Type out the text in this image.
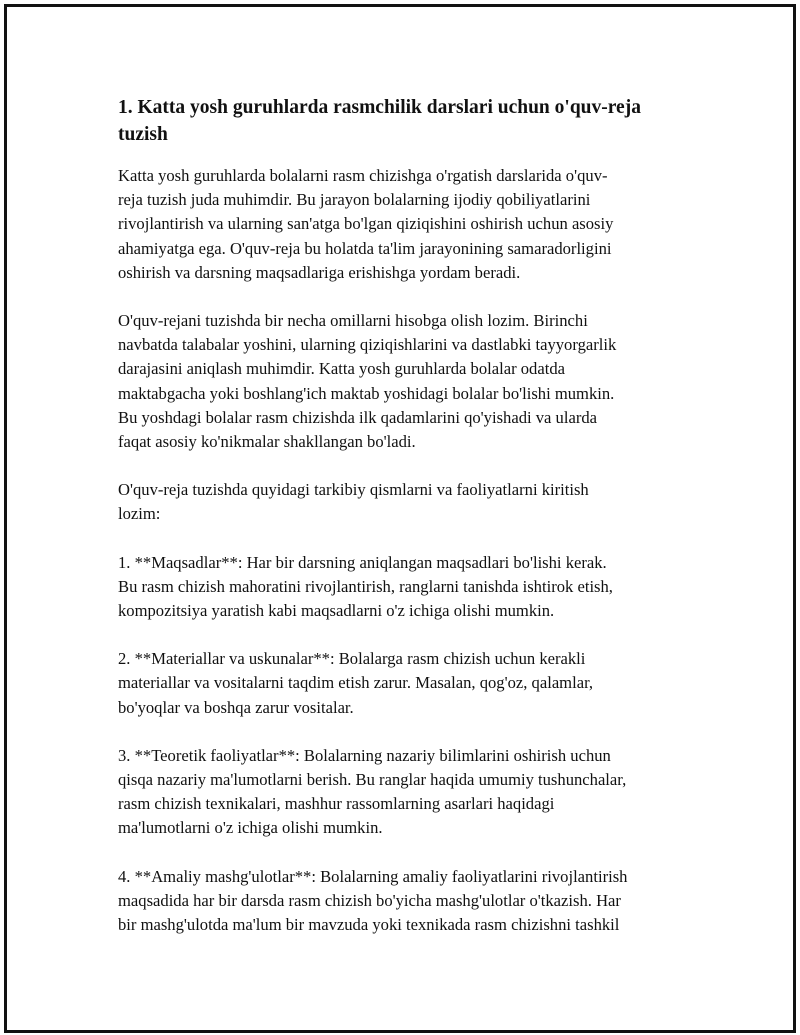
1. Katta yosh guruhlarda rasmchilik darslari uchun o'quv-reja tuzish

Katta yosh guruhlarda bolalarni rasm chizishga o'rgatish darslarida o'quv-
reja tuzish juda muhimdir. Bu jarayon bolalarning ijodiy qobiliyatlarini
rivojlantirish va ularning san'atga bo'lgan qiziqishini oshirish uchun asosiy
ahamiyatga ega. O'quv-reja bu holatda ta'lim jarayonining samaradorligini
oshirish va darsning maqsadlariga erishishga yordam beradi.

O'quv-rejani tuzishda bir necha omillarni hisobga olish lozim. Birinchi
navbatda talabalar yoshini, ularning qiziqishlarini va dastlabki tayyorgarlik
darajasini aniqlash muhimdir. Katta yosh guruhlarda bolalar odatda
maktabgacha yoki boshlang'ich maktab yoshidagi bolalar bo'lishi mumkin.
Bu yoshdagi bolalar rasm chizishda ilk qadamlarini qo'yishadi va ularda
faqat asosiy ko'nikmalar shakllangan bo'ladi.

O'quv-reja tuzishda quyidagi tarkibiy qismlarni va faoliyatlarni kiritish
lozim:

1. **Maqsadlar**: Har bir darsning aniqlangan maqsadlari bo'lishi kerak.
Bu rasm chizish mahoratini rivojlantirish, ranglarni tanishda ishtirok etish,
kompozitsiya yaratish kabi maqsadlarni o'z ichiga olishi mumkin.

2. **Materiallar va uskunalar**: Bolalarga rasm chizish uchun kerakli
materiallar va vositalarni taqdim etish zarur. Masalan, qog'oz, qalamlar,
bo'yoqlar va boshqa zarur vositalar.

3. **Teoretik faoliyatlar**: Bolalarning nazariy bilimlarini oshirish uchun
qisqa nazariy ma'lumotlarni berish. Bu ranglar haqida umumiy tushunchalar,
rasm chizish texnikalari, mashhur rassomlarning asarlari haqidagi
ma'lumotlarni o'z ichiga olishi mumkin.

4. **Amaliy mashg'ulotlar**: Bolalarning amaliy faoliyatlarini rivojlantirish
maqsadida har bir darsda rasm chizish bo'yicha mashg'ulotlar o'tkazish. Har
bir mashg'ulotda ma'lum bir mavzuda yoki texnikada rasm chizishni tashkil
